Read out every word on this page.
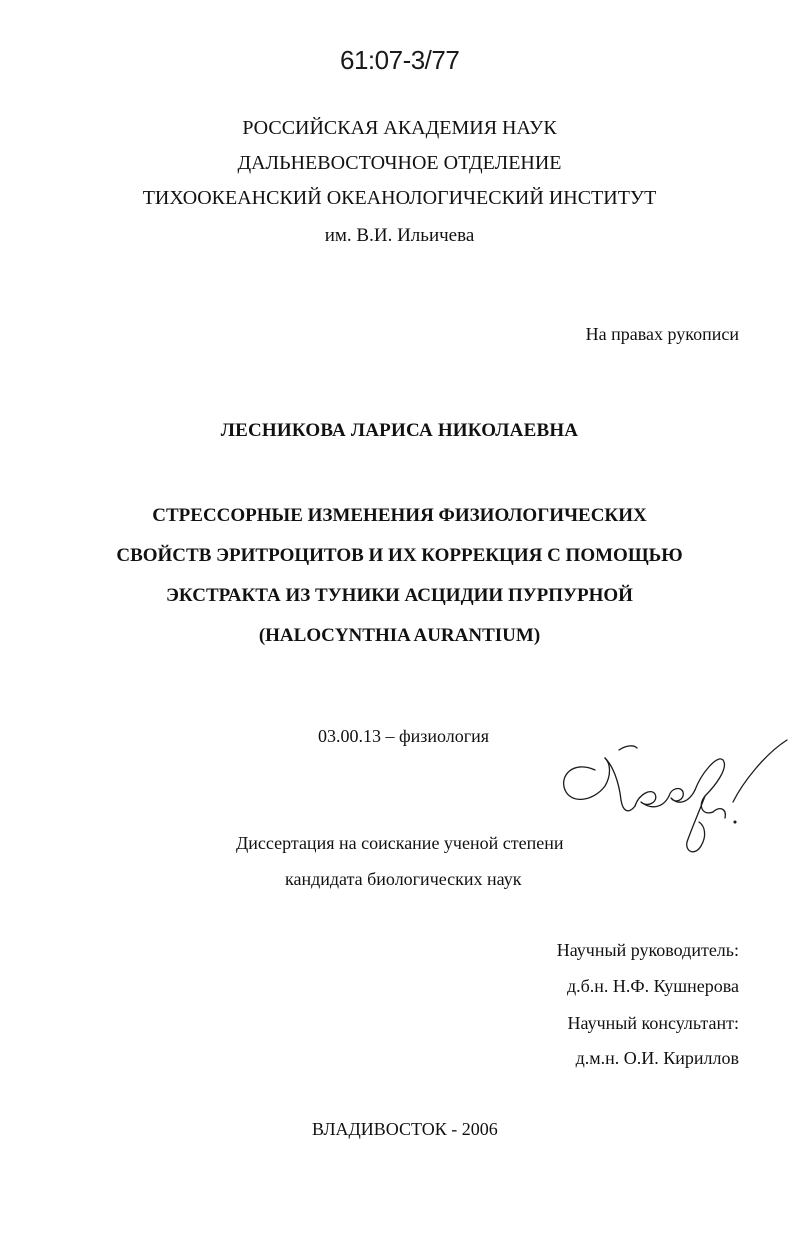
61:07-3/77
РОССИЙСКАЯ АКАДЕМИЯ НАУК
ДАЛЬНЕВОСТОЧНОЕ ОТДЕЛЕНИЕ
ТИХООКЕАНСКИЙ ОКЕАНОЛОГИЧЕСКИЙ ИНСТИТУТ
им. В.И. Ильичева
На правах рукописи
ЛЕСНИКОВА ЛАРИСА НИКОЛАЕВНА
СТРЕССОРНЫЕ ИЗМЕНЕНИЯ ФИЗИОЛОГИЧЕСКИХ
СВОЙСТВ ЭРИТРОЦИТОВ И ИХ КОРРЕКЦИЯ С ПОМОЩЬЮ
ЭКСТРАКТА ИЗ ТУНИКИ АСЦИДИИ ПУРПУРНОЙ
(HALOCYNTHIA AURANTIUM)
03.00.13 – физиология
Диссертация на соискание ученой степени
кандидата биологических наук
Научный руководитель:
д.б.н. Н.Ф. Кушнерова
Научный консультант:
д.м.н. О.И. Кириллов
ВЛАДИВОСТОК - 2006
